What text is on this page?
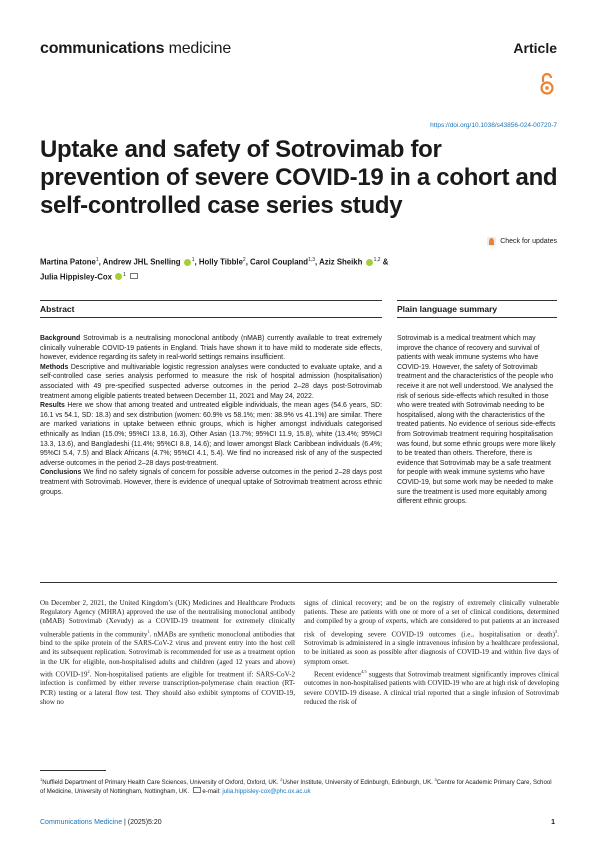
communications medicine	Article
https://doi.org/10.1038/s43856-024-00720-7
Uptake and safety of Sotrovimab for prevention of severe COVID-19 in a cohort and self-controlled case series study
Check for updates
Martina Patone$^1$, Andrew JHL Snelling $^1$, Holly Tibble$^2$, Carol Coupland$^{1,3}$, Aziz Sheikh $^{1,2}$ &
Julia Hippisley-Cox $^1$
Abstract	Plain language summary

Background Sotrovimab is a neutralising monoclonal antibody (nMAB) currently available to treat extremely clinically vulnerable COVID-19 patients in England. Trials have shown it to have mild to moderate side effects, however, evidence regarding its safety in real-world settings remains insufficient.

Methods Descriptive and multivariable logistic regression analyses were conducted to evaluate uptake, and a self-controlled case series analysis performed to measure the risk of hospital admission (hospitalisation) associated with 49 pre-specified suspected adverse outcomes in the period 2–28 days post-Sotrovimab treatment among eligible patients treated between December 11, 2021 and May 24, 2022.

Results Here we show that among treated and untreated eligible individuals, the mean ages (54.6 years, SD: 16.1 vs 54.1, SD: 18.3) and sex distribution (women: 60.9% vs 58.1%; men: 38.9% vs 41.1%) are similar. There are marked variations in uptake between ethnic groups, which is higher amongst individuals categorised ethnically as Indian (15.0%; 95%CI 13.8, 16.3), Other Asian (13.7%; 95%CI 11.9, 15.8), white (13.4%; 95%CI 13.3, 13.6), and Bangladeshi (11.4%; 95%CI 8.8, 14.6); and lower amongst Black Caribbean individuals (6.4%; 95%CI 5.4, 7.5) and Black Africans (4.7%; 95%CI 4.1, 5.4). We find no increased risk of any of the suspected adverse outcomes in the period 2–28 days post-treatment.

Conclusions We find no safety signals of concern for possible adverse outcomes in the period 2–28 days post treatment with Sotrovimab. However, there is evidence of unequal uptake of Sotrovimab treatment across ethnic groups.

Sotrovimab is a medical treatment which may improve the chance of recovery and survival of patients with weak immune systems who have COVID-19. However, the safety of Sotrovimab treatment and the characteristics of the people who receive it are not well understood. We analysed the risk of serious side-effects which resulted in those who were treated with Sotrovimab needing to be hospitalised, along with the characteristics of the treated patients. No evidence of serious side-effects from Sotrovimab treatment requiring hospitalisation was found, but some ethnic groups were more likely to be treated than others. Therefore, there is evidence that Sotrovimab may be a safe treatment for people with weak immune systems who have COVID-19, but some work may be needed to make sure the treatment is used more equitably among different ethnic groups.

On December 2, 2021, the United Kingdom’s (UK) Medicines and Healthcare Products Regulatory Agency (MHRA) approved the use of the neutralising monoclonal antibody (nMAB) Sotrovimab (Xevudy) as a COVID-19 treatment for extremely clinically vulnerable patients in the community$^1$. nMABs are synthetic monoclonal antibodies that bind to the spike protein of the SARS-CoV-2 virus and prevent entry into the host cell and its subsequent replication. Sotrovimab is recommended for use as a treatment option in the UK for eligible, non-hospitalised adults and children (aged 12 years and above) with COVID-$19^2$. Non-hospitalised patients are eligible for treatment if: SARS-CoV-2 infection is confirmed by either reverse transcription-polymerase chain reaction (RT-PCR) testing or a lateral flow test. They should also exhibit symptoms of COVID-19, show no

signs of clinical recovery; and be on the registry of extremely clinically vulnerable patients. These are patients with one or more of a set of clinical conditions, determined and compiled by a group of experts, which are considered to put patients at an increased risk of developing severe COVID-19 outcomes (i.e., hospitalisation or death)$^3$. Sotrovimab is administered in a single intravenous infusion by a healthcare professional, to be initiated as soon as possible after diagnosis of COVID-19 and within five days of symptom onset.

Recent evidence$^{4,5}$ suggests that Sotrovimab treatment significantly improves clinical outcomes in non-hospitalised patients with COVID-19 who are at high risk of developing severe COVID-19 disease. A clinical trial reported that a single infusion of Sotrovimab reduced the risk of

$^1$Nuffield Department of Primary Health Care Sciences, University of Oxford, Oxford, UK. $^2$Usher Institute, University of Edinburgh, Edinburgh, UK. $^3$Centre for Academic Primary Care, School of Medicine, University of Nottingham, Nottingham, UK.  e-mail: julia.hippisley-cox@phc.ox.ac.uk
Communications Medicine | (2025)5:20	1
